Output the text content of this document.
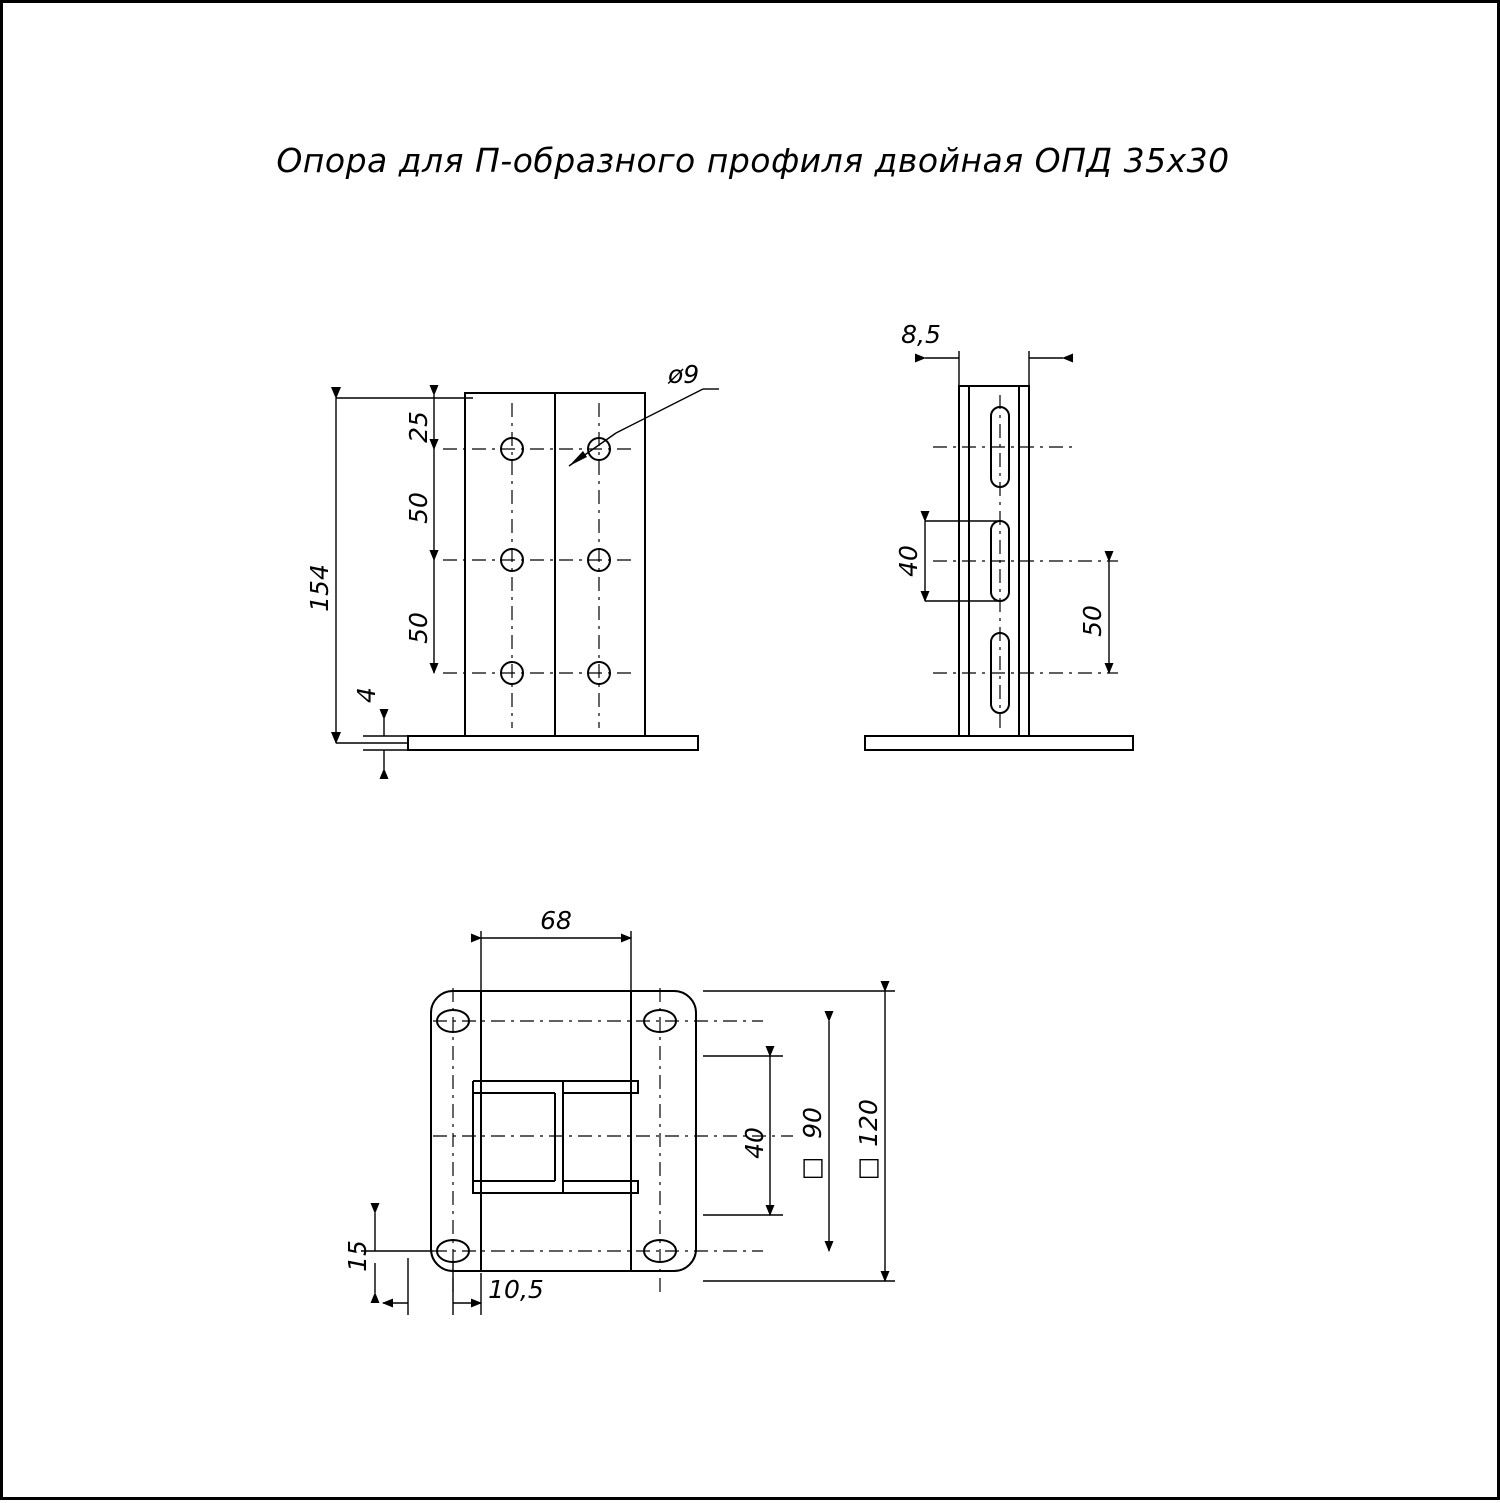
Опора для П-образного профиля двойная ОПД 35х30
154
25
50
50
4
ø9
8,5
40
50
68
40
90
□
120
□
15
10,5
